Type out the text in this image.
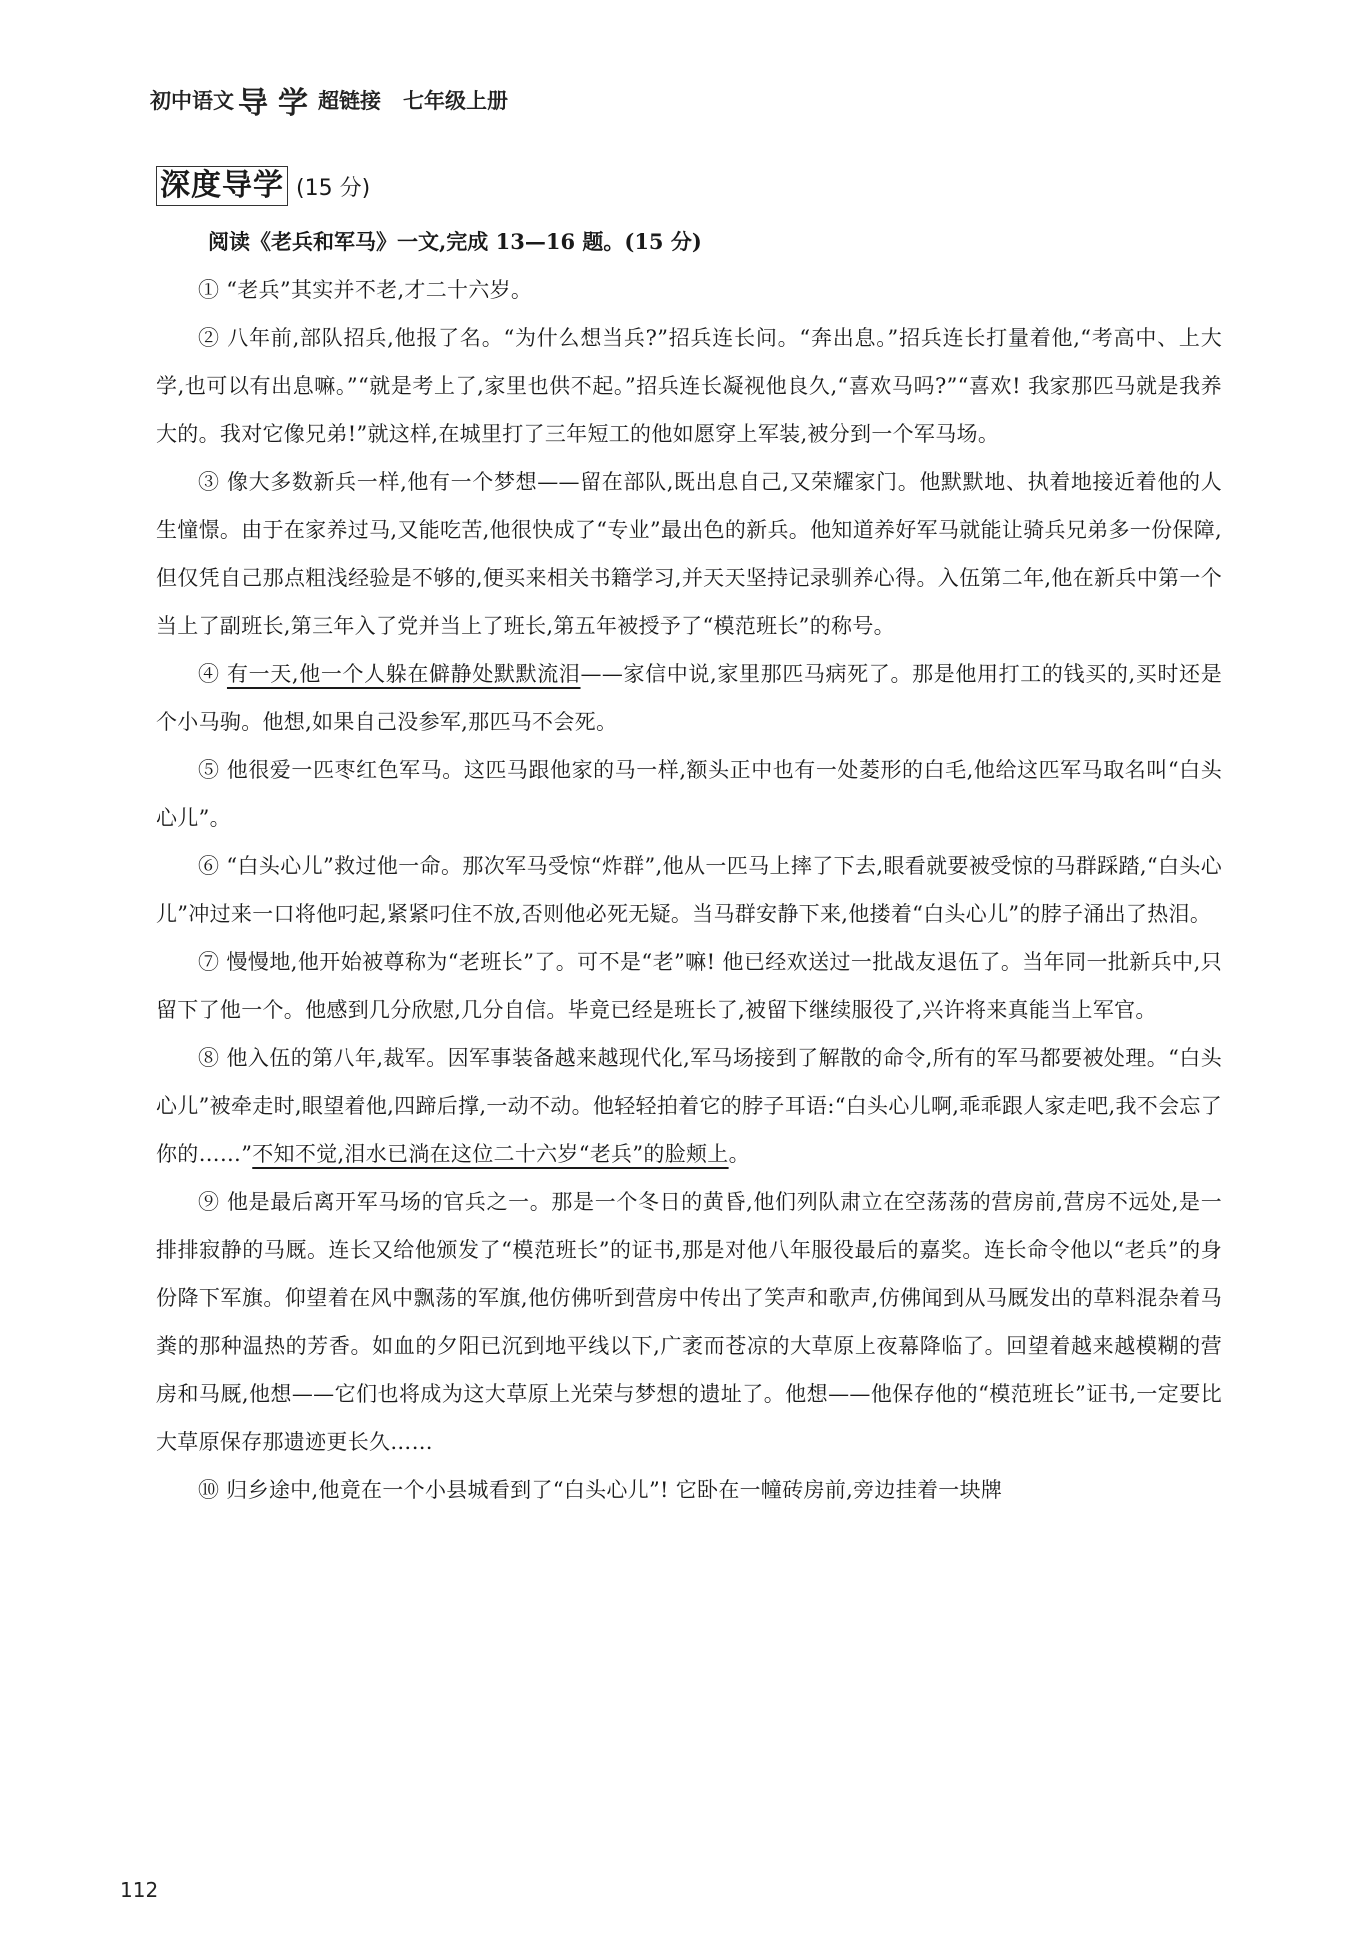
初中语文 导 学 超链接 七年级上册
深度导学 (15 分)
阅读《老兵和军马》一文,完成 13—16 题。(15 分)

① “老兵”其实并不老,才二十六岁。

② 八年前,部队招兵,他报了名。“为什么想当兵?”招兵连长问。“奔出息。”招兵连长打量着他,“考高中、上大学,也可以有出息嘛。”“就是考上了,家里也供不起。”招兵连长凝视他良久,“喜欢马吗?”“喜欢! 我家那匹马就是我养大的。我对它像兄弟!”就这样,在城里打了三年短工的他如愿穿上军装,被分到一个军马场。

③ 像大多数新兵一样,他有一个梦想——留在部队,既出息自己,又荣耀家门。他默默地、执着地接近着他的人生憧憬。由于在家养过马,又能吃苦,他很快成了“专业”最出色的新兵。他知道养好军马就能让骑兵兄弟多一份保障,但仅凭自己那点粗浅经验是不够的,便买来相关书籍学习,并天天坚持记录驯养心得。入伍第二年,他在新兵中第一个当上了副班长,第三年入了党并当上了班长,第五年被授予了“模范班长”的称号。

④ 有一天,他一个人躲在僻静处默默流泪——家信中说,家里那匹马病死了。那是他用打工的钱买的,买时还是个小马驹。他想,如果自己没参军,那匹马不会死。

⑤ 他很爱一匹枣红色军马。这匹马跟他家的马一样,额头正中也有一处菱形的白毛,他给这匹军马取名叫“白头心儿”。

⑥ “白头心儿”救过他一命。那次军马受惊“炸群”,他从一匹马上摔了下去,眼看就要被受惊的马群踩踏,“白头心儿”冲过来一口将他叼起,紧紧叼住不放,否则他必死无疑。当马群安静下来,他搂着“白头心儿”的脖子涌出了热泪。

⑦ 慢慢地,他开始被尊称为“老班长”了。可不是“老”嘛! 他已经欢送过一批战友退伍了。当年同一批新兵中,只留下了他一个。他感到几分欣慰,几分自信。毕竟已经是班长了,被留下继续服役了,兴许将来真能当上军官。

⑧ 他入伍的第八年,裁军。因军事装备越来越现代化,军马场接到了解散的命令,所有的军马都要被处理。“白头心儿”被牵走时,眼望着他,四蹄后撑,一动不动。他轻轻拍着它的脖子耳语:“白头心儿啊,乖乖跟人家走吧,我不会忘了你的……”不知不觉,泪水已淌在这位二十六岁“老兵”的脸颊上。

⑨ 他是最后离开军马场的官兵之一。那是一个冬日的黄昏,他们列队肃立在空荡荡的营房前,营房不远处,是一排排寂静的马厩。连长又给他颁发了“模范班长”的证书,那是对他八年服役最后的嘉奖。连长命令他以“老兵”的身份降下军旗。仰望着在风中飘荡的军旗,他仿佛听到营房中传出了笑声和歌声,仿佛闻到从马厩发出的草料混杂着马粪的那种温热的芳香。如血的夕阳已沉到地平线以下,广袤而苍凉的大草原上夜幕降临了。回望着越来越模糊的营房和马厩,他想——它们也将成为这大草原上光荣与梦想的遗址了。他想——他保存他的“模范班长”证书,一定要比大草原保存那遗迹更长久……

⑩ 归乡途中,他竟在一个小县城看到了“白头心儿”! 它卧在一幢砖房前,旁边挂着一块牌

112
